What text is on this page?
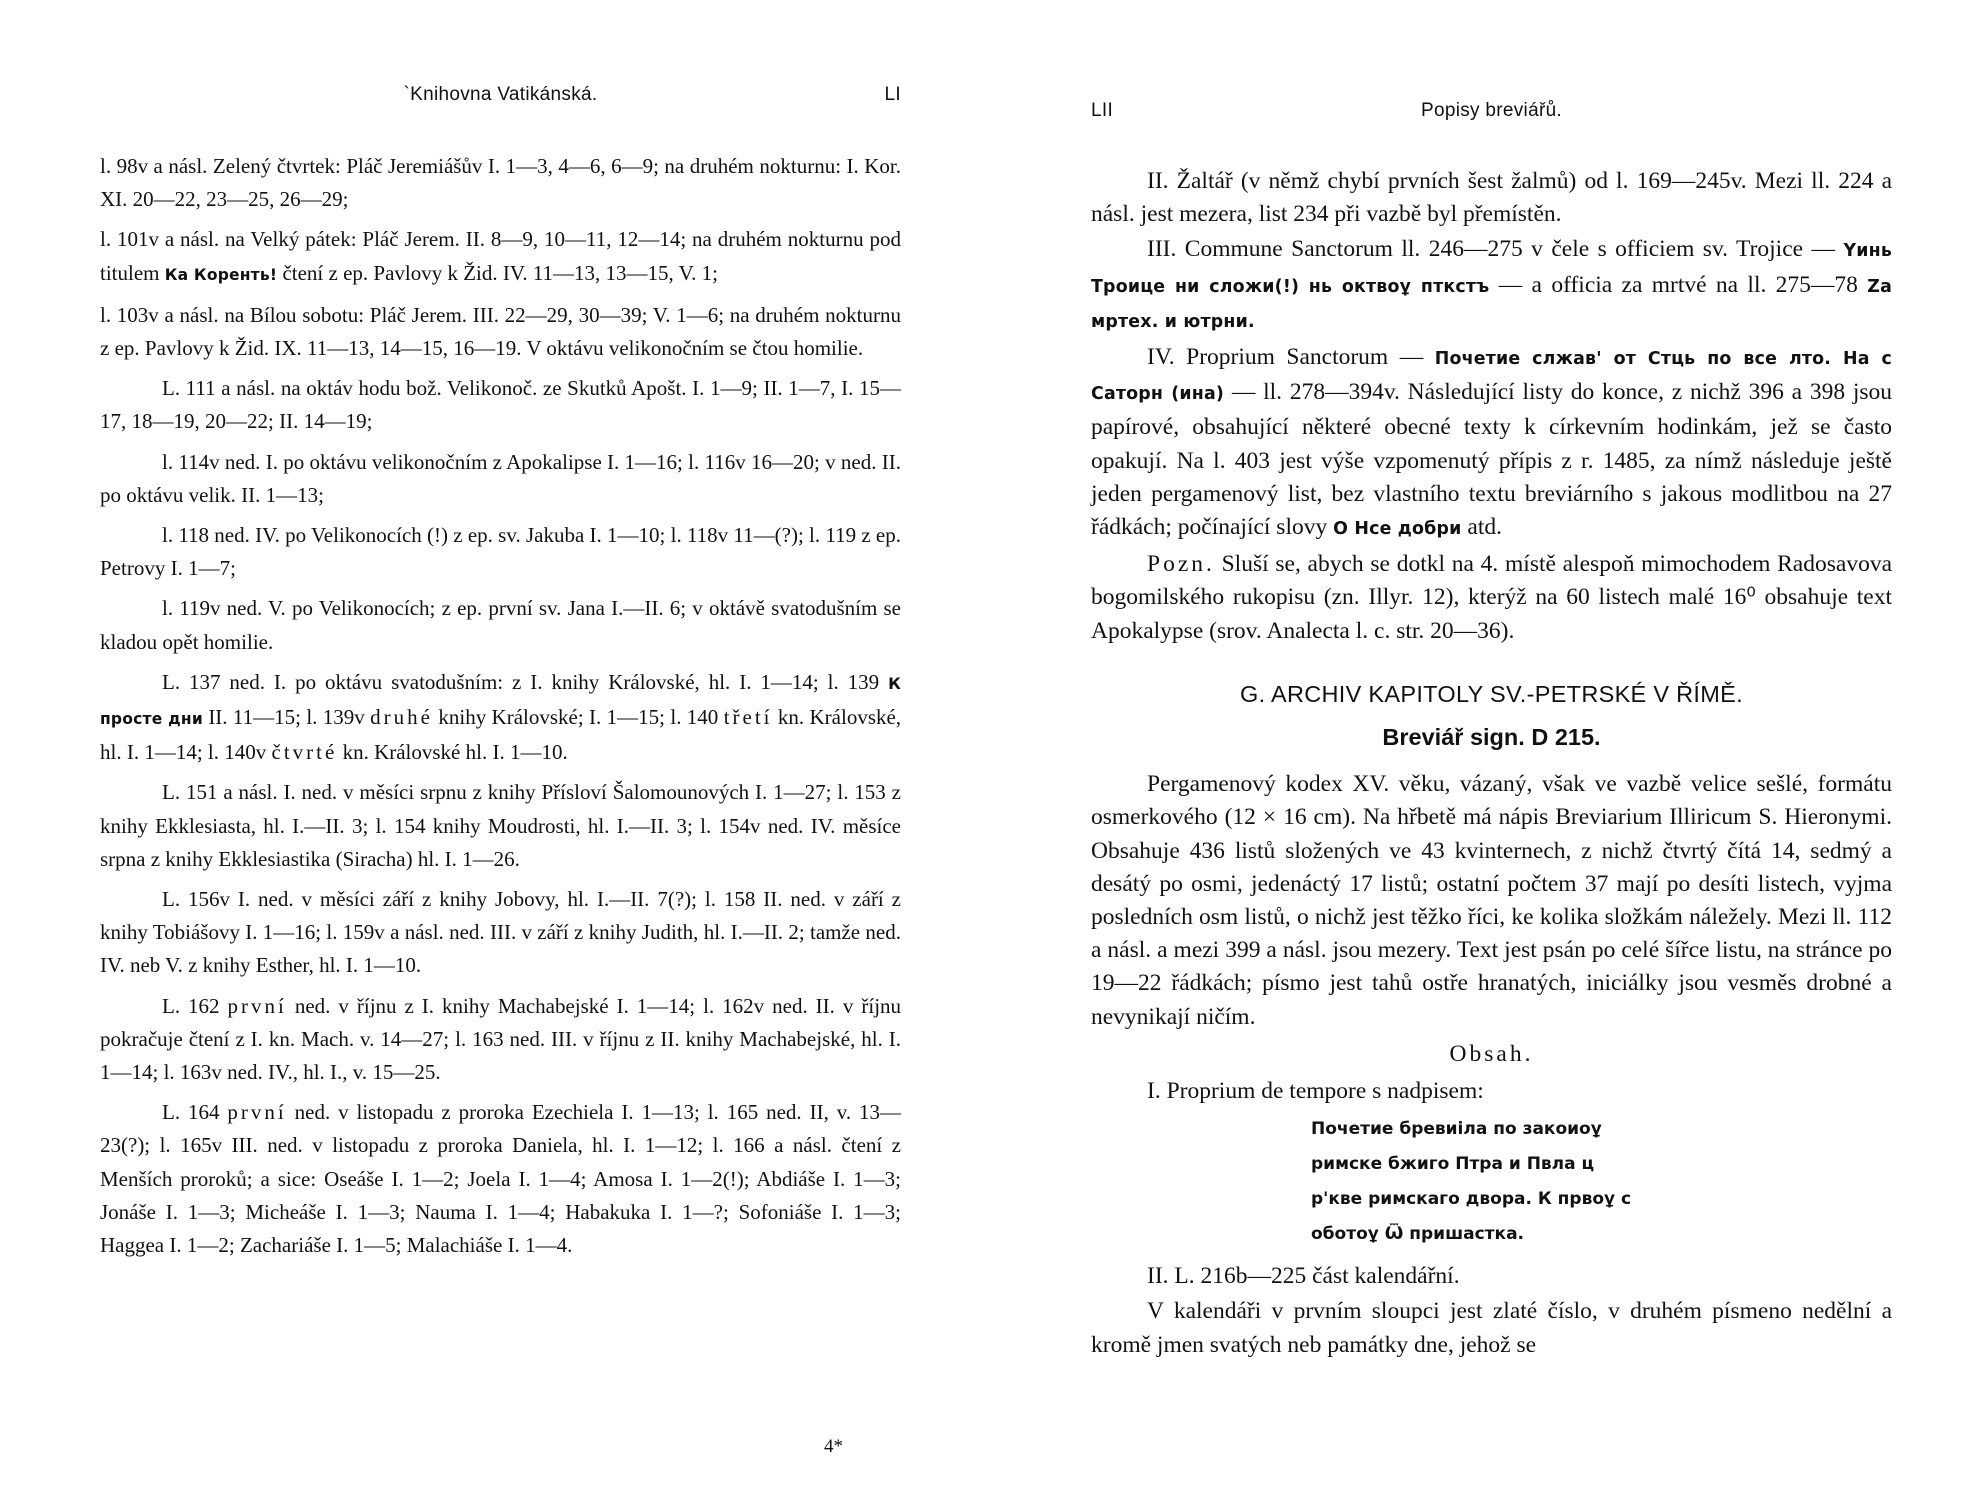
`Knihovna Vatikánská.	LI

l. 98v a násl. Zelený čtvrtek: Pláč Jeremiášův I. 1—3, 4—6, 6—9; na druhém nokturnu: I. Kor. XI. 20—22, 23—25, 26—29;

l. 101v a násl. na Velký pátek: Pláč Jerem. II. 8—9, 10—11, 12—14; na druhém nokturnu pod titulem Ка Коренть! čtení z ep. Pavlovy k Žid. IV. 11—13, 13—15, V. 1;

l. 103v a násl. na Bílou sobotu: Pláč Jerem. III. 22—29, 30—39; V. 1—6; na druhém nokturnu z ep. Pavlovy k Žid. IX. 11—13, 14—15, 16—19. V oktávu velikonočním se čtou homilie.

L. 111 a násl. na oktáv hodu bož. Velikonoč. ze Skutků Apošt. I. 1—9; II. 1—7, I. 15—17, 18—19, 20—22; II. 14—19;

l. 114v ned. I. po oktávu velikonočním z Apokalipse I. 1—16; l. 116v 16—20; v ned. II. po oktávu velik. II. 1—13;

l. 118 ned. IV. po Velikonocích (!) z ep. sv. Jakuba I. 1—10; l. 118v 11—(?); l. 119 z ep. Petrovy I. 1—7;

l. 119v ned. V. po Velikonocích; z ep. první sv. Jana I.—II. 6; v oktávě svatodušním se kladou opět homilie.

L. 137 ned. I. po oktávu svatodušním: z I. knihy Královské, hl. I. 1—14; l. 139 К просте дни II. 11—15; l. 139v druhé knihy Královské; I. 1—15; l. 140 třetí kn. Královské, hl. I. 1—14; l. 140v čtvrté kn. Královské hl. I. 1—10.

L. 151 a násl. I. ned. v měsíci srpnu z knihy Přísloví Šalomounových I. 1—27; l. 153 z knihy Ekklesiasta, hl. I.—II. 3; l. 154 knihy Moudrosti, hl. I.—II. 3; l. 154v ned. IV. měsíce srpna z knihy Ekklesiastika (Siracha) hl. I. 1—26.

L. 156v I. ned. v měsíci září z knihy Jobovy, hl. I.—II. 7(?); l. 158 II. ned. v září z knihy Tobiášovy I. 1—16; l. 159v a násl. ned. III. v září z knihy Judith, hl. I.—II. 2; tamže ned. IV. neb V. z knihy Esther, hl. I. 1—10.

L. 162 první ned. v říjnu z I. knihy Machabejské I. 1—14; l. 162v ned. II. v říjnu pokračuje čtení z I. kn. Mach. v. 14—27; l. 163 ned. III. v říjnu z II. knihy Machabejské, hl. I. 1—14; l. 163v ned. IV., hl. I., v. 15—25.

L. 164 první ned. v listopadu z proroka Ezechiela I. 1—13; l. 165 ned. II, v. 13—23(?); l. 165v III. ned. v listopadu z proroka Daniela, hl. I. 1—12; l. 166 a násl. čtení z Menších proroků; a sice: Oseáše I. 1—2; Joela I. 1—4; Amosa I. 1—2(!); Abdiáše I. 1—3; Jonáše I. 1—3; Micheáše I. 1—3; Nauma I. 1—4; Habakuka I. 1—?; Sofoniáše I. 1—3; Haggea I. 1—2; Zachariáše I. 1—5; Malachiáše I. 1—4.

4*
LII	Popisy breviářů.

II. Žaltář (v němž chybí prvních šest žalmů) od l. 169—245v. Mezi ll. 224 a násl. jest mezera, list 234 při vazbě byl přemístěn.

III. Commune Sanctorum ll. 246—275 v čele s officiem sv. Trojice — Үинь Троице ни сложи(!) нь октвоұ пткстъ — a officia za mrtvé na ll. 275—78 Za мртех. и ютрни.

IV. Proprium Sanctorum — Почетие слжав' от Стць по все лто. На с Саторн (ина) — ll. 278—394v. Následující listy do konce, z nichž 396 a 398 jsou papírové, obsahující některé obecné texty k církevním hodinkám, jež se často opakují. Na l. 403 jest výše vzpomenutý přípis z r. 1485, za nímž následuje ještě jeden pergamenový list, bez vlastního textu breviárního s jakous modlitbou na 27 řádkách; počínající slovy O Нсе добри atd.

Pozn. Sluší se, abych se dotkl na 4. místě alespoň mimochodem Radosavova bogomilského rukopisu (zn. Illyr. 12), kterýž na 60 listech malé 16⁰ obsahuje text Apokalypse (srov. Analecta l. c. str. 20—36).

G. ARCHIV KAPITOLY SV.-PETRSKÉ V ŘÍMĚ.
Breviář sign. D 215.

Pergamenový kodex XV. věku, vázaný, však ve vazbě velice sešlé, formátu osmerkového (12 × 16 cm). Na hřbetě má nápis Breviarium Illiricum S. Hieronymi. Obsahuje 436 listů složených ve 43 kvinternech, z nichž čtvrtý čítá 14, sedmý a desátý po osmi, jedenáctý 17 listů; ostatní počtem 37 mají po desíti listech, vyjma posledních osm listů, o nichž jest těžko říci, ke kolika složkám náležely. Mezi ll. 112 a násl. a mezi 399 a násl. jsou mezery. Text jest psán po celé šířce listu, na stránce po 19—22 řádkách; písmo jest tahů ostře hranatých, iniciálky jsou vesměs drobné a nevynikají ničím.

Obsah.

I. Proprium de tempore s nadpisem:

Почетие бревиіла по закоиоұ
римске бжиго Птра и Пвла ц
р'кве римскаго двора. К првоұ с
оботоұ Ѿ пришастка.

II. L. 216b—225 část kalendářní.

V kalendáři v prvním sloupci jest zlaté číslo, v druhém písmeno nedělní a kromě jmen svatých neb památky dne, jehož se
